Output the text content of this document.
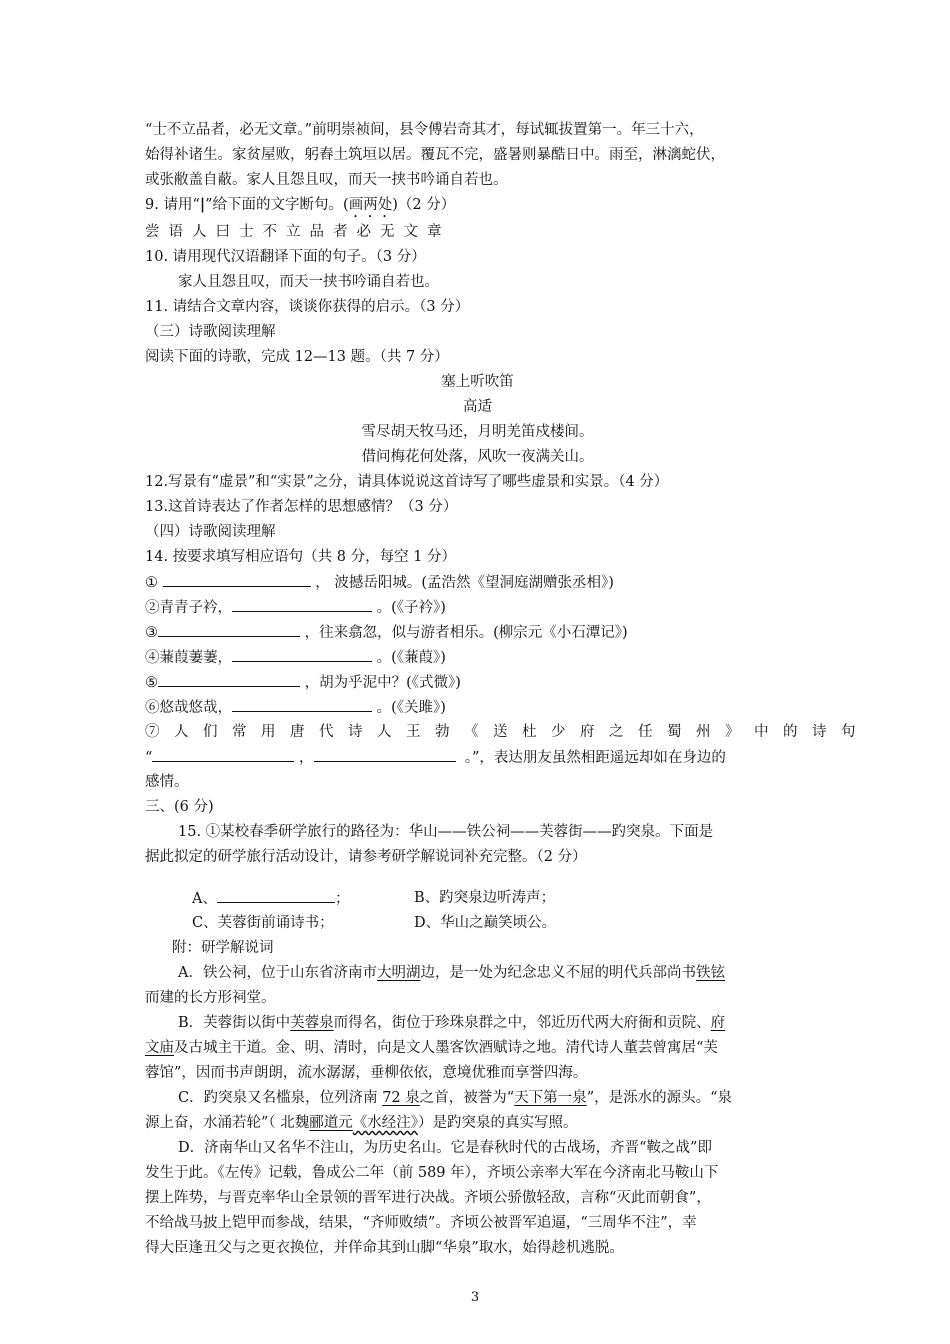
“士不立品者，必无文章。”前明崇祯间，县令傅岩奇其才，每试辄拔置第一。年三十六，
始得补诸生。家贫屋败，躬舂土筑垣以居。覆瓦不完，盛暑则暴酷日中。雨至，淋漓蛇伏，
或张敝盖自蔽。家人且怨且叹，而天一挟书吟诵自若也。
9. 请用“|”给下面的文字断句。(画两处)（2 分）
尝语人曰士不立品者必无文章
10. 请用现代汉语翻译下面的句子。（3 分）
家人且怨且叹，而天一挟书吟诵自若也。
11. 请结合文章内容，谈谈你获得的启示。（3 分）
（三）诗歌阅读理解
阅读下面的诗歌，完成 12—13 题。（共 7 分）
塞上听吹笛
高适
雪尽胡天牧马还，月明羌笛戍楼间。
借问梅花何处落，风吹一夜满关山。
12.写景有“虚景”和“实景”之分，请具体说说这首诗写了哪些虚景和实景。（4 分）
13.这首诗表达了作者怎样的思想感情？（3 分）
（四）诗歌阅读理解
14. 按要求填写相应语句（共 8 分，每空 1 分）
①	， 波撼岳阳城。(孟浩然《望洞庭湖赠张丞相》)
②青青子衿，	。(《子衿》)
③	，往来翕忽，似与游者相乐。(柳宗元《小石潭记》)
④蒹葭萋萋，	。(《蒹葭》)
⑤	，胡为乎泥中？(《式微》)
⑥悠哉悠哉，	。(《关雎》)
⑦人们常用唐代诗人王勃《送杜少府之任蜀州》中的诗句
“	，	。”，表达朋友虽然相距遥远却如在身边的
感情。
三、(6 分)
15. ①某校春季研学旅行的路径为：华山——铁公祠——芙蓉街——趵突泉。下面是
据此拟定的研学旅行活动设计，请参考研学解说词补充完整。（2 分）
A、	；	B、趵突泉边听涛声；
C、芙蓉街前诵诗书；	D、华山之巅笑顷公。
附：研学解说词
A．铁公祠，位于山东省济南市大明湖边，是一处为纪念忠义不屈的明代兵部尚书铁铉
而建的长方形祠堂。
B．芙蓉街以街中芙蓉泉而得名，街位于珍珠泉群之中，邻近历代两大府衙和贡院、府
文庙及古城主干道。金、明、清时，向是文人墨客饮酒赋诗之地。清代诗人董芸曾寓居“芙
蓉馆”，因而书声朗朗，流水潺潺，垂柳依依，意境优雅而享誉四海。
C．趵突泉又名槛泉，位列济南 72 泉之首，被誉为“天下第一泉”，是泺水的源头。“泉
源上奋，水涌若轮”（ 北魏郦道元《水经注》）是趵突泉的真实写照。
D．济南华山又名华不注山，为历史名山。它是春秋时代的古战场，齐晋“鞍之战”即
发生于此。《左传》记载，鲁成公二年（前 589 年），齐顷公亲率大军在今济南北马鞍山下
摆上阵势，与晋克率华山全景领的晋军进行决战。齐顷公骄傲轻敌，言称“灭此而朝食”，
不给战马披上铠甲而参战，结果，“齐师败绩”。齐顷公被晋军追逼，“三周华不注”，幸
得大臣逢丑父与之更衣换位，并佯命其到山脚“华泉”取水，始得趁机逃脱。
3
